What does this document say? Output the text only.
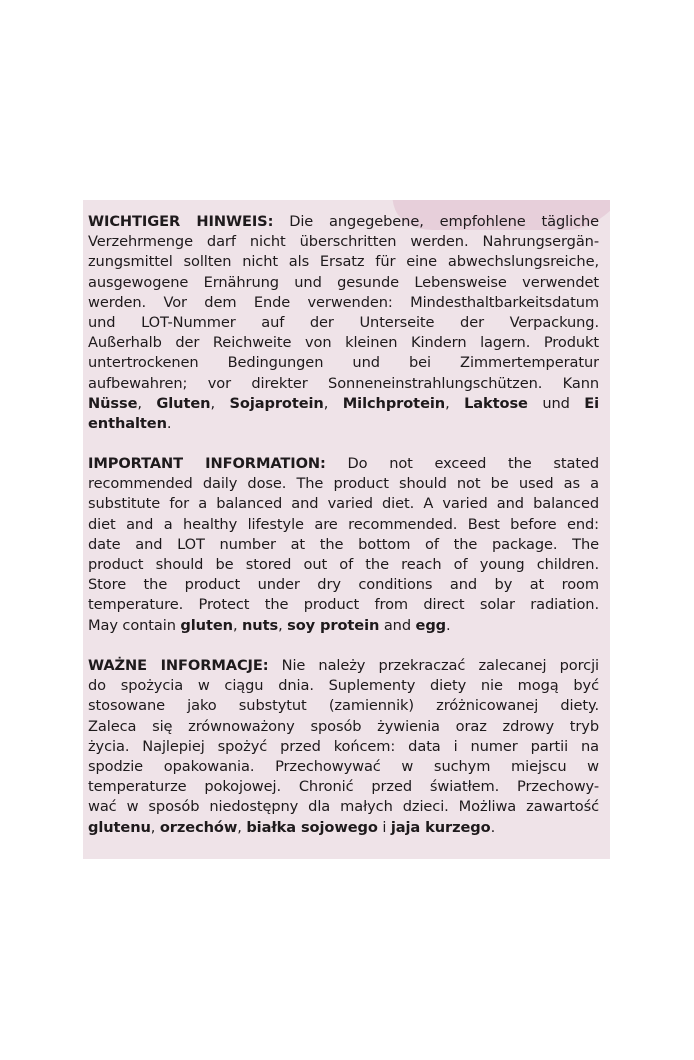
WICHTIGER HINWEIS: Die angegebene, empfohlene tägliche
Verzehrmenge darf nicht überschritten werden. Nahrungsergän-
zungsmittel sollten nicht als Ersatz für eine abwechslungsreiche,
ausgewogene Ernährung und gesunde Lebensweise verwendet
werden. Vor dem Ende verwenden: Mindesthaltbarkeitsdatum
und LOT-Nummer auf der Unterseite der Verpackung.
Außerhalb der Reichweite von kleinen Kindern lagern. Produkt
untertrockenen Bedingungen und bei Zimmertemperatur
aufbewahren; vor direkter Sonneneinstrahlungschützen. Kann
Nüsse, Gluten, Sojaprotein, Milchprotein, Laktose und Ei
enthalten.
IMPORTANT INFORMATION: Do not exceed the stated
recommended daily dose. The product should not be used as a
substitute for a balanced and varied diet. A varied and balanced
diet and a healthy lifestyle are recommended. Best before end:
date and LOT number at the bottom of the package. The
product should be stored out of the reach of young children.
Store the product under dry conditions and by at room
temperature. Protect the product from direct solar radiation.
May contain gluten, nuts, soy protein and egg.
WAŻNE INFORMACJE: Nie należy przekraczać zalecanej porcji
do spożycia w ciągu dnia. Suplementy diety nie mogą być
stosowane jako substytut (zamiennik) zróżnicowanej diety.
Zaleca się zrównoważony sposób żywienia oraz zdrowy tryb
życia. Najlepiej spożyć przed końcem: data i numer partii na
spodzie opakowania. Przechowywać w suchym miejscu w
temperaturze pokojowej. Chronić przed światłem. Przechowy-
wać w sposób niedostępny dla małych dzieci. Możliwa zawartość
glutenu, orzechów, białka sojowego i jaja kurzego.
